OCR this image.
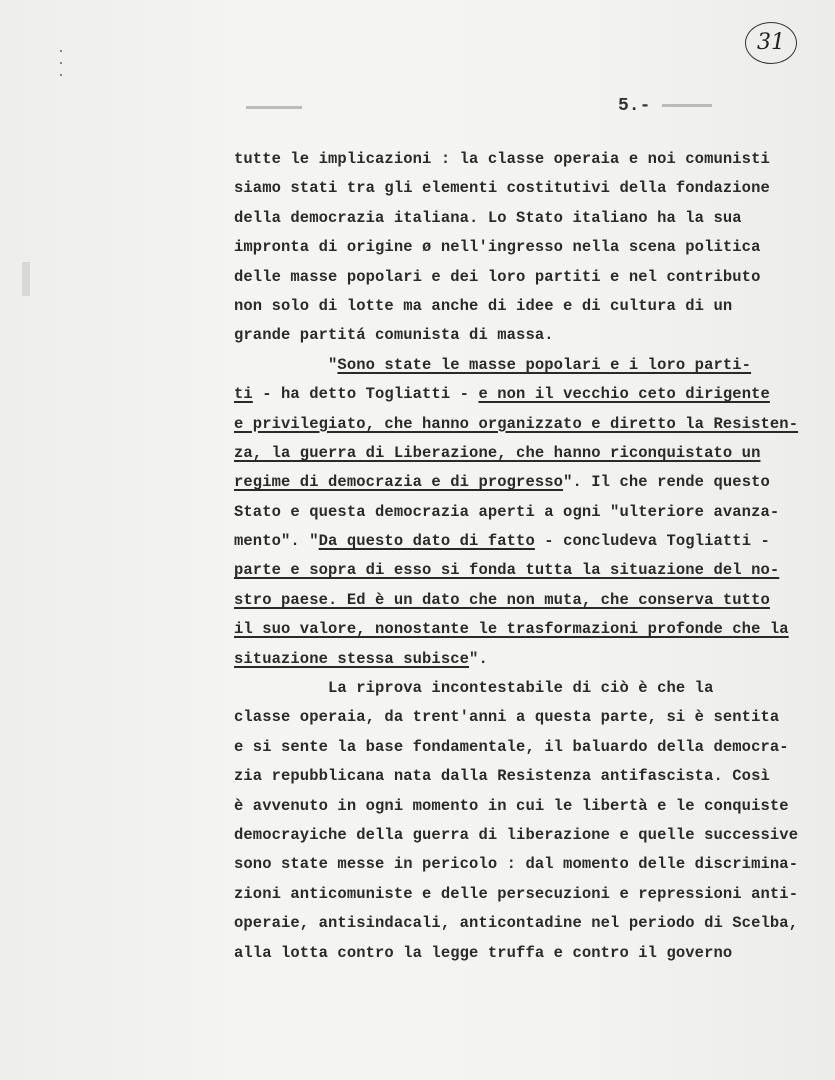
31
5.-
tutte le implicazioni : la classe operaia e noi comunisti
siamo stati tra gli elementi costitutivi della fondazione
della democrazia italiana. Lo Stato italiano ha la sua
impronta di origine ø nell'ingresso nella scena politica
delle masse popolari e dei loro partiti e nel contributo
non solo di lotte ma anche di idee e di cultura di un
grande partitá comunista di massa.
"Sono state le masse popolari e i loro parti-
ti - ha detto Togliatti - e non il vecchio ceto dirigente
e privilegiato, che hanno organizzato e diretto la Resisten-
za, la guerra di Liberazione, che hanno riconquistato un
regime di democrazia e di progresso". Il che rende questo
Stato e questa democrazia aperti a ogni "ulteriore avanza-
mento". "Da questo dato di fatto - concludeva Togliatti -
parte e sopra di esso si fonda tutta la situazione del no-
stro paese. Ed è un dato che non muta, che conserva tutto
il suo valore, nonostante le trasformazioni profonde che la
situazione stessa subisce".
La riprova incontestabile di ciò è che la
classe operaia, da trent'anni a questa parte, si è sentita
e si sente la base fondamentale, il baluardo della democra-
zia repubblicana nata dalla Resistenza antifascista. Così
è avvenuto in ogni momento in cui le libertà e le conquiste
democrayiche della guerra di liberazione e quelle successive
sono state messe in pericolo : dal momento delle discrimina-
zioni anticomuniste e delle persecuzioni e repressioni anti-
operaie, antisindacali, anticontadine nel periodo di Scelba,
alla lotta contro la legge truffa e contro il governo
